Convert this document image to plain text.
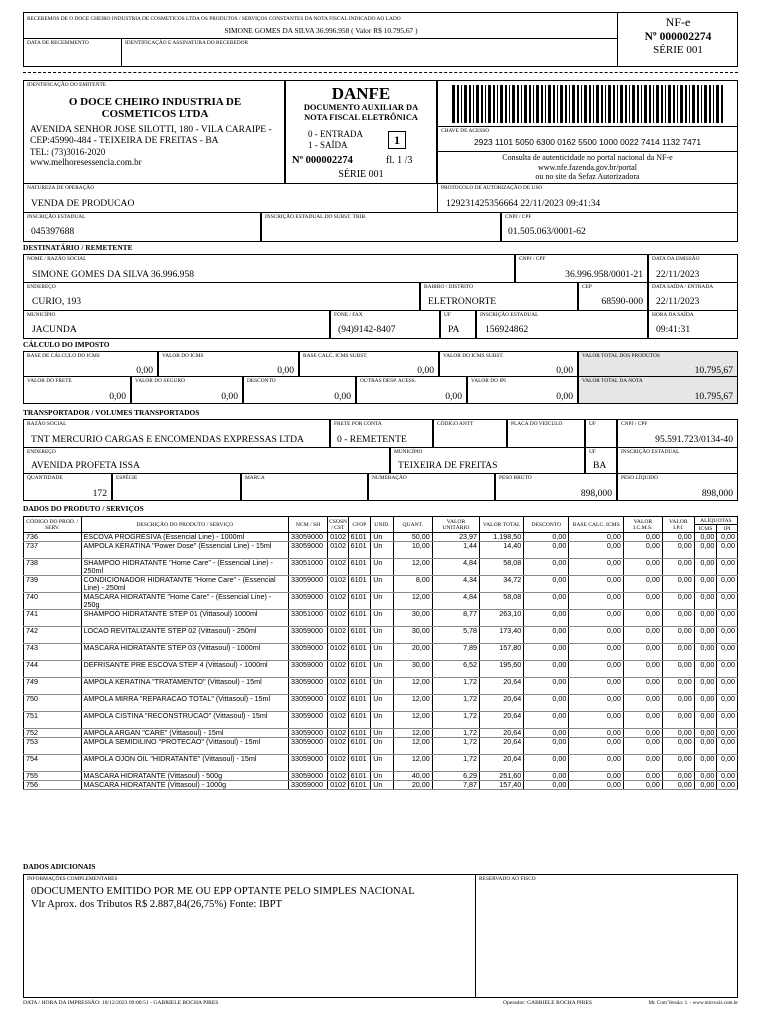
RECEBEMOS DE O DOCE CHEIRO INDUSTRIA DE COSMETICOS LTDA OS PRODUTOS / SERVIÇOS CONSTANTES DA NOTA FISCAL INDICADO AO LADO
SIMONE GOMES DA SILVA 36.996.958 ( Valor R$ 10.795,67 )
DATA DE RECEBIMENTO	IDENTIFICAÇÃO E ASSINATURA DO RECEBEDOR
NF-e
Nº 000002274
SÉRIE 001
IDENTIFICAÇÃO DO EMITENTE
O DOCE CHEIRO INDUSTRIA DE COSMETICOS LTDA
AVENIDA SENHOR JOSE SILOTTI, 180 - VILA CARAIPE -
CEP:45990-484 - TEIXEIRA DE FREITAS - BA
TEL: (73)3016-2020
www.melhoresessencia.com.br
DANFE
DOCUMENTO AUXILIAR DA
NOTA FISCAL ELETRÔNICA
0 - ENTRADA
1 - SAÍDA	1
Nº 000002274	fl. 1 /3
SÉRIE 001
CHAVE DE ACESSO
2923 1101 5050 6300 0162 5500 1000 0022 7414 1132 7471
Consulta de autenticidade no portal nacional da NF-e
www.nfe.fazenda.gov.br/portal
ou no site da Sefaz Autorizadora
NATUREZA DE OPERAÇÃO
VENDA DE PRODUCAO
PROTOCOLO DE AUTORIZAÇÃO DE USO
129231425356664 22/11/2023 09:41:34
INSCRIÇÃO ESTADUAL
045397688
INSCRIÇÃO ESTADUAL DO SUBST. TRIB.	CNPJ / CPF
01.505.063/0001-62
DESTINATÁRIO / REMETENTE
NOME / RAZÃO SOCIAL
SIMONE GOMES DA SILVA 36.996.958
CNPJ / CPF
36.996.958/0001-21
DATA DA EMISSÃO
22/11/2023
ENDEREÇO
CURIO, 193
BAIRRO / DISTRITO
ELETRONORTE
CEP
68590-000
DATA SAÍDA / ENTRADA
22/11/2023
MUNICÍPIO
JACUNDA
FONE / FAX
(94)9142-8407
UF
PA
INSCRIÇÃO ESTADUAL
156924862
HORA DA SAÍDA
09:41:31
CÁLCULO DO IMPOSTO
BASE DE CÁLCULO DO ICMS
0,00
VALOR DO ICMS
0,00
BASE CALC. ICMS SUBST.
0,00
VALOR DO ICMS SUBST.
0,00
VALOR TOTAL DOS PRODUTOS
10.795,67
VALOR DO FRETE
0,00
VALOR DO SEGURO
0,00
DESCONTO
0,00
OUTRAS DESP. ACESS.
0,00
VALOR DO IPI
0,00
VALOR TOTAL DA NOTA
10.795,67
TRANSPORTADOR / VOLUMES TRANSPORTADOS
RAZÃO SOCIAL
TNT MERCURIO CARGAS E ENCOMENDAS EXPRESSAS LTDA
FRETE POR CONTA
0 - REMETENTE
CÓDIGO ANTT	PLACA DO VEÍCULO	UF	CNPJ / CPF
95.591.723/0134-40
ENDEREÇO
AVENIDA PROFETA ISSA
MUNICÍPIO
TEIXEIRA DE FREITAS
UF
BA
INSCRIÇÃO ESTADUAL
QUANTIDADE
172
ESPÉCIE	MARCA	NUMERAÇÃO	PESO BRUTO
898,000
PESO LÍQUIDO
898,000
DADOS DO PRODUTO / SERVIÇOS
CÓDIGO DO PROD. / SERV.	DESCRIÇÃO DO PRODUTO / SERVIÇO	NCM / SH	CSOSN / CST	CFOP	UNID.	QUANT.	VALOR UNITÁRIO	VALOR TOTAL	DESCONTO	BASE CALC. ICMS	VALOR I.C.M.S.	VALOR I.P.I.	ALÍQUOTAS	
													ICMS	IPI
736	ESCOVA PROGRESIVA (Essencial Line) - 1000ml	33059000	0102	6101	Un	50,00	23,97	1.198,50	0,00	0,00	0,00	0,00	0,00	0,00
737	AMPOLA KERATINA "Power Dose" (Essencial Line) - 15ml	33059000	0102	6101	Un	10,00	1,44	14,40	0,00	0,00	0,00	0,00	0,00	0,00
738	SHAMPOO HIDRATANTE "Home Care" - (Essencial Line) - 250ml	33051000	0102	6101	Un	12,00	4,84	58,08	0,00	0,00	0,00	0,00	0,00	0,00
739	CONDICIONADOR HIDRATANTE "Home Care" - (Essencial Line) - 250ml	33059000	0102	6101	Un	8,00	4,34	34,72	0,00	0,00	0,00	0,00	0,00	0,00
740	MASCARA HIDRATANTE "Home Care" - (Essencial Line) - 250g	33059000	0102	6101	Un	12,00	4,84	58,08	0,00	0,00	0,00	0,00	0,00	0,00
741	SHAMPOO HIDRATANTE STEP 01 (Vittasoul) 1000ml	33051000	0102	6101	Un	30,00	8,77	263,10	0,00	0,00	0,00	0,00	0,00	0,00
742	LOCAO REVITALIZANTE STEP 02 (Vittasoul) - 250ml	33059000	0102	6101	Un	30,00	5,78	173,40	0,00	0,00	0,00	0,00	0,00	0,00
743	MASCARA HIDRATANTE STEP 03 (Vittasoul) - 1000ml	33059000	0102	6101	Un	20,00	7,89	157,80	0,00	0,00	0,00	0,00	0,00	0,00
744	DEFRISANTE PRE ESCOVA STEP 4 (Vittasoul) - 1000ml	33059000	0102	6101	Un	30,00	6,52	195,60	0,00	0,00	0,00	0,00	0,00	0,00
749	AMPOLA KERATINA "TRATAMENTO" (Vittasoul) - 15ml	33059000	0102	6101	Un	12,00	1,72	20,64	0,00	0,00	0,00	0,00	0,00	0,00
750	AMPOLA MIRRA "REPARACAO TOTAL" (Vittasoul) - 15ml	33059000	0102	6101	Un	12,00	1,72	20,64	0,00	0,00	0,00	0,00	0,00	0,00
751	AMPOLA CISTINA "RECONSTRUCAO" (Vittasoul) - 15ml	33059000	0102	6101	Un	12,00	1,72	20,64	0,00	0,00	0,00	0,00	0,00	0,00
752	AMPOLA ARGAN "CARE" (Vittasoul) - 15ml	33059000	0102	6101	Un	12,00	1,72	20,64	0,00	0,00	0,00	0,00	0,00	0,00
753	AMPOLA SEMIDILINO "PROTECAO" (Vittasoul) - 15ml	33059000	0102	6101	Un	12,00	1,72	20,64	0,00	0,00	0,00	0,00	0,00	0,00
754	AMPOLA OJON OIL "HIDRATANTE" (Vittasoul) - 15ml	33059000	0102	6101	Un	12,00	1,72	20,64	0,00	0,00	0,00	0,00	0,00	0,00
755	MASCARA HIDRATANTE (Vittasoul) - 500g	33059000	0102	6101	Un	40,00	6,29	251,60	0,00	0,00	0,00	0,00	0,00	0,00
756	MASCARA HIDRATANTE (Vittasoul) - 1000g	33059000	0102	6101	Un	20,00	7,87	157,40	0,00	0,00	0,00	0,00	0,00	0,00
DADOS ADICIONAIS
INFORMAÇÕES COMPLEMENTARES
0DOCUMENTO EMITIDO POR ME OU EPP OPTANTE PELO SIMPLES NACIONAL
Vlr Aprox. dos Tributos R$ 2.887,84(26,75%) Fonte: IBPT
RESERVADO AO FISCO
DATA / HORA DA IMPRESSÃO: 18/12/2023 09:00:51 - GABRIELE ROCHA PIRES	Operador: GABRIELE ROCHA PIRES	Mr. Com Versão: 1. - www.microxis.com.br
